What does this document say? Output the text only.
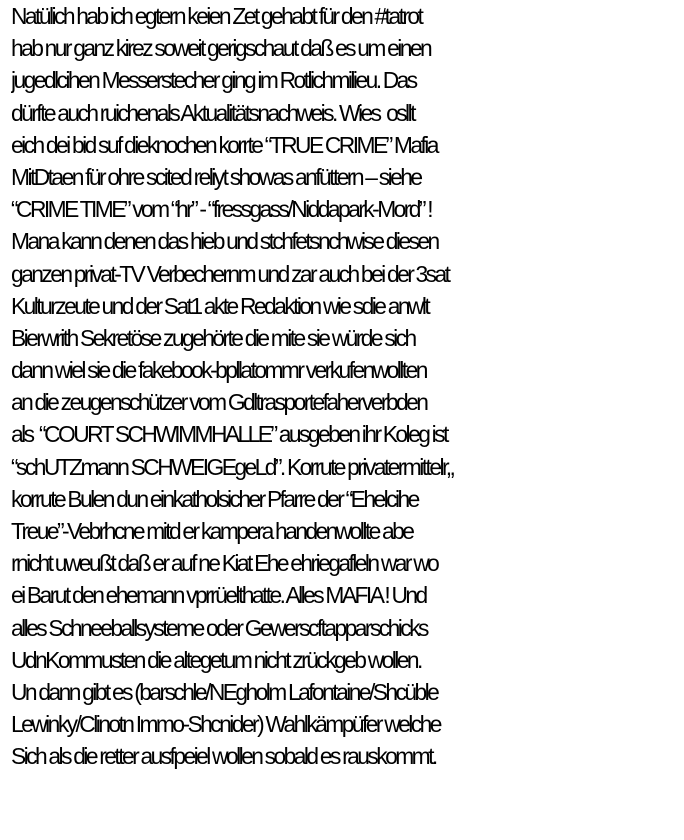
Natülich hab ich egtern keien Zet gehabt für den #tatrot
hab nur ganz kirez soweit gerigschaut daß es um einen
jugedlcihen Messerstecher ging im Rotlichmilieu. Das
dürfte auch ruichenals Aktualitätsnachweis. Wies  osllt
eich dei bid suf dieknochen korrte “TRUE CRIME” Mafia
MitDtaen für ohre scited reliyt showas anfüttern – siehe
“CRIME TIME” vom “hr” - “fressgass/Niddapark-Mord” !
Mana kann denen das hieb und stchfetsnchwise diesen
ganzen privat-TV Verbechernm und zar auch bei der 3sat
Kulturzeute und der Sat1 akte Redaktion wie sdie anwlt
Bierwrith Sekretöse zugehörte die mite sie würde sich
dann wiel sie die fakebook-bpllatommr verkufenwollten
an die zeugenschützer vom Gdltrasportefaherverbden
als  “COURT SCHWIMMHALLE” ausgeben ihr Koleg ist
“schUTZmann SCHWEIGEgeLd”. Korrute privatermittelr,,
korrute Bulen dun einkatholsicher Pfarre der “Ehelcihe
Treue”-Vebrhcne mitd er kampera handenwollte abe
rnicht uweußt daß er auf ne Kiat Ehe ehriegafleln war wo
ei Barut den ehemann vprrüelthatte. Alles MAFIA ! Und
alles Schneeballsysteme oder Gewerscftapparschicks
UdnKommusten die altegetum nicht zrückgeb wollen.
Un dann gibt es (barschle/NEgholm Lafontaine/Shcüble
Lewinky/Clinotn Immo-Shcnider) Wahlkämpüfer welche
Sich als die retter ausfpeiel wollen sobald es rauskommt.
